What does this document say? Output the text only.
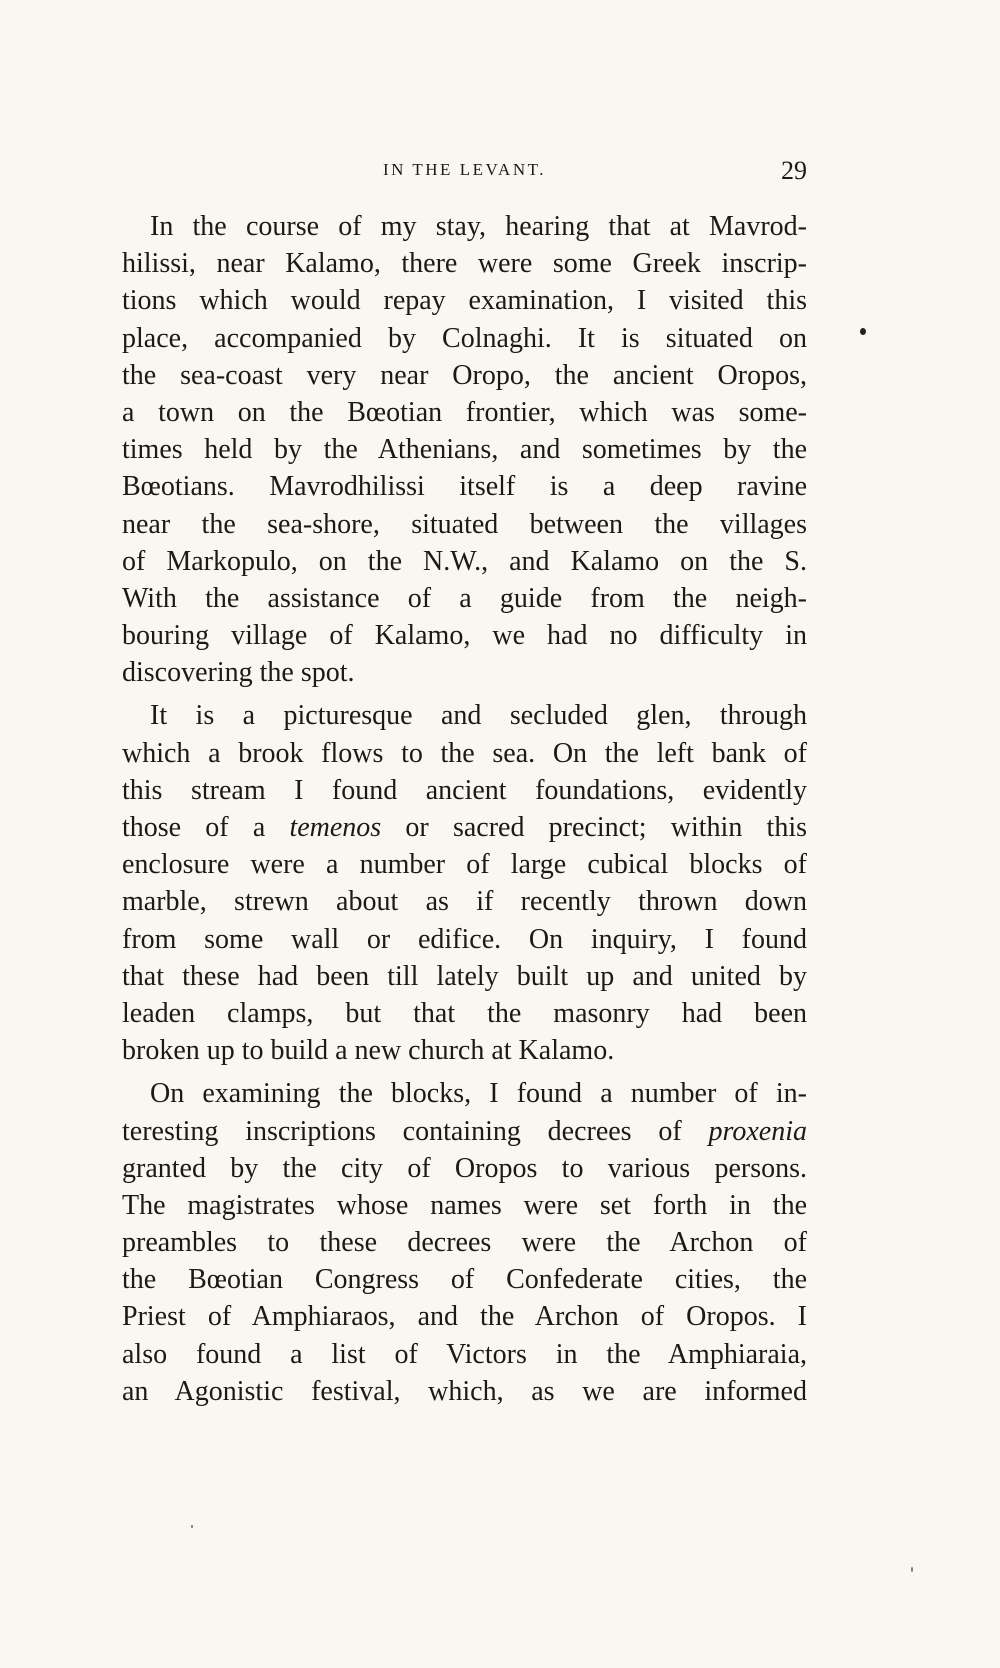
IN THE LEVANT.	29
In the course of my stay, hearing that at Mavrod-
hilissi, near Kalamo, there were some Greek inscrip-
tions which would repay examination, I visited this
place, accompanied by Colnaghi. It is situated on
the sea-coast very near Oropo, the ancient Oropos,
a town on the Bœotian frontier, which was some-
times held by the Athenians, and sometimes by the
Bœotians. Mavrodhilissi itself is a deep ravine
near the sea-shore, situated between the villages
of Markopulo, on the N.W., and Kalamo on the S.
With the assistance of a guide from the neigh-
bouring village of Kalamo, we had no difficulty in
discovering the spot.
It is a picturesque and secluded glen, through
which a brook flows to the sea. On the left bank of
this stream I found ancient foundations, evidently
those of a temenos or sacred precinct; within this
enclosure were a number of large cubical blocks of
marble, strewn about as if recently thrown down
from some wall or edifice. On inquiry, I found
that these had been till lately built up and united by
leaden clamps, but that the masonry had been
broken up to build a new church at Kalamo.
On examining the blocks, I found a number of in-
teresting inscriptions containing decrees of proxenia
granted by the city of Oropos to various persons.
The magistrates whose names were set forth in the
preambles to these decrees were the Archon of
the Bœotian Congress of Confederate cities, the
Priest of Amphiaraos, and the Archon of Oropos. I
also found a list of Victors in the Amphiaraia,
an Agonistic festival, which, as we are informed
